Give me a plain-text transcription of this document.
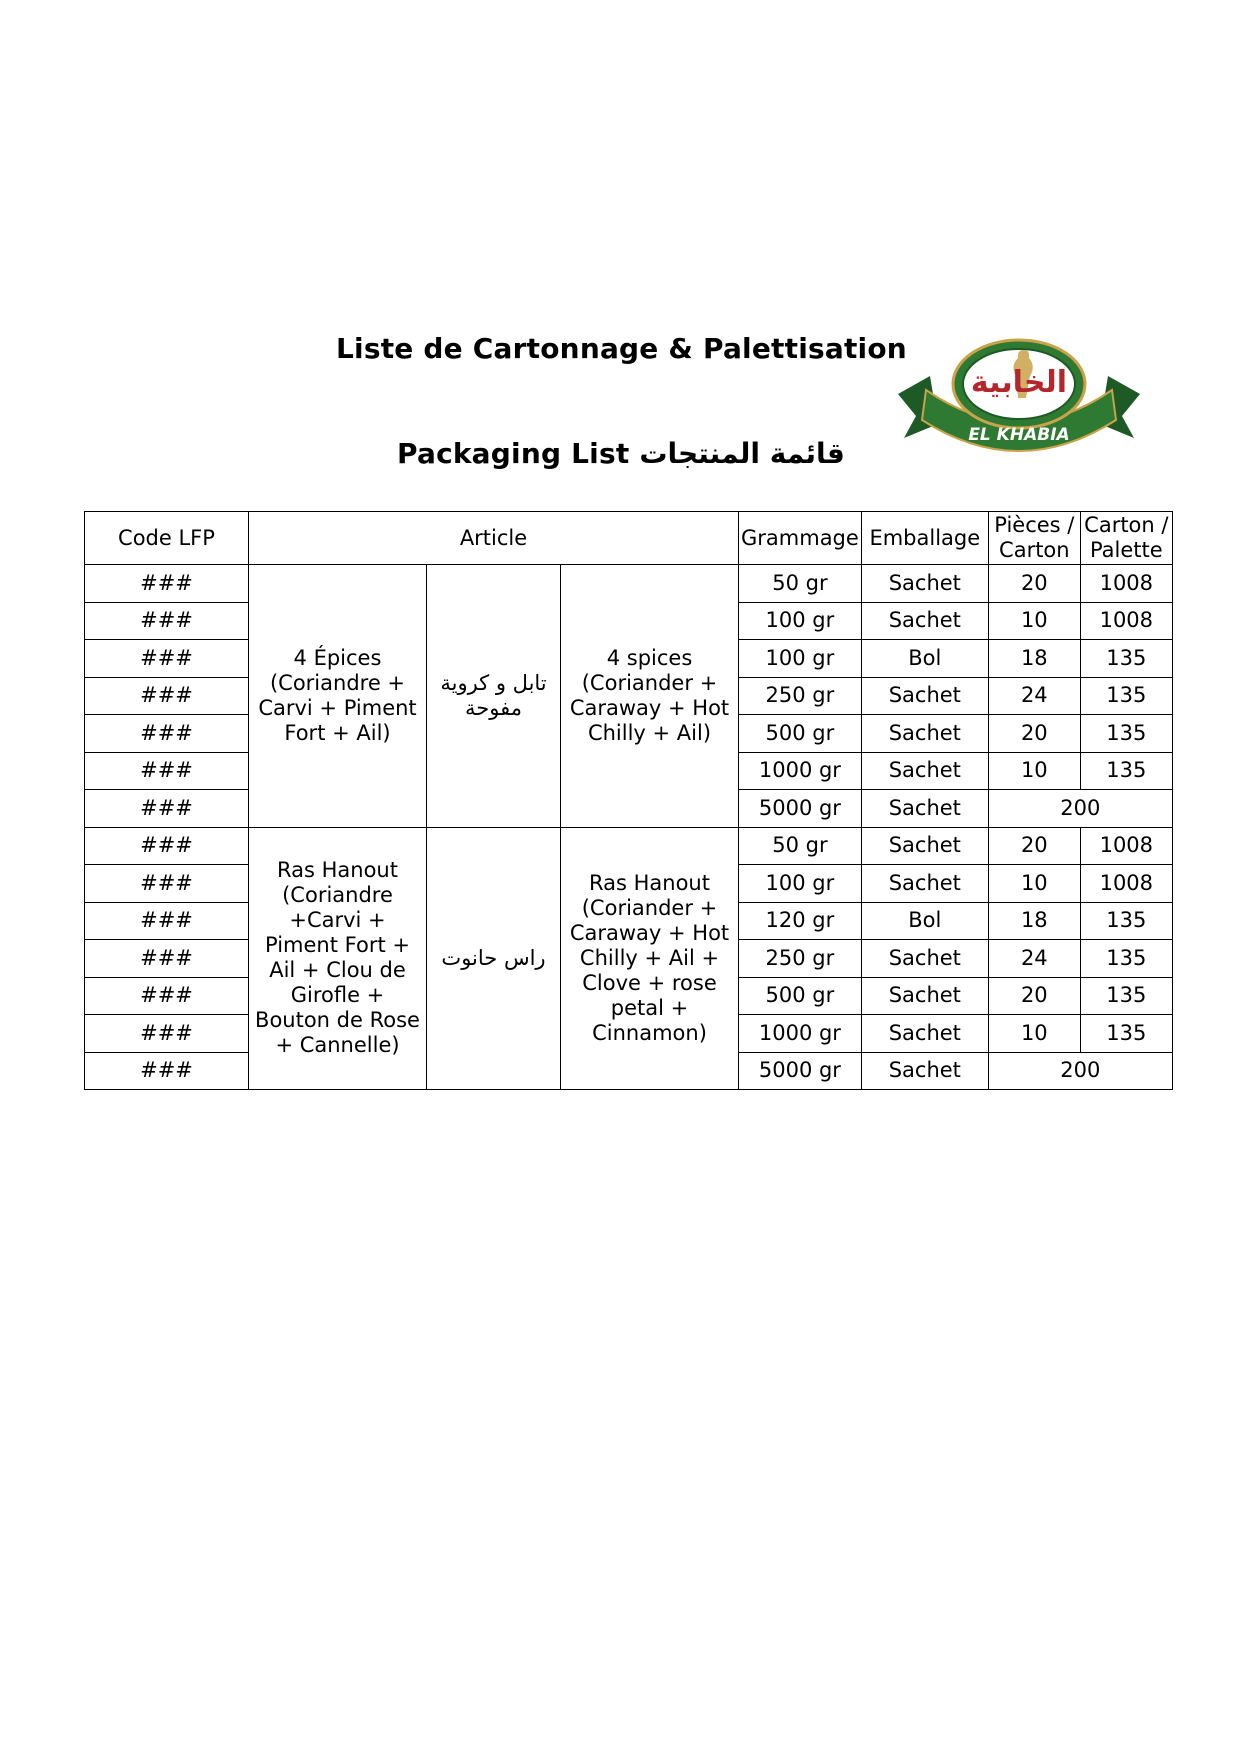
Liste de Cartonnage & Palettisation
الخابية
EL KHABIA
Packaging List قائمة المنتجات
Code LFP	Article			Grammage	Emballage	Pièces / Carton	Carton / Palette
###	4 Épices (Coriandre + Carvi + Piment Fort + Ail)	تابل و كروية مفوحة	4 spices (Coriander + Caraway + Hot Chilly + Ail)	50 gr	Sachet	20	1008
###				100 gr	Sachet	10	1008
###				100 gr	Bol	18	135
###				250 gr	Sachet	24	135
###				500 gr	Sachet	20	135
###				1000 gr	Sachet	10	135
###				5000 gr	Sachet	200	
###	Ras Hanout (Coriandre +Carvi + Piment Fort + Ail + Clou de Girofle + Bouton de Rose + Cannelle)	راس حانوت	Ras Hanout (Coriander + Caraway + Hot Chilly + Ail + Clove + rose petal + Cinnamon)	50 gr	Sachet	20	1008
###				100 gr	Sachet	10	1008
###				120 gr	Bol	18	135
###				250 gr	Sachet	24	135
###				500 gr	Sachet	20	135
###				1000 gr	Sachet	10	135
###				5000 gr	Sachet	200	
